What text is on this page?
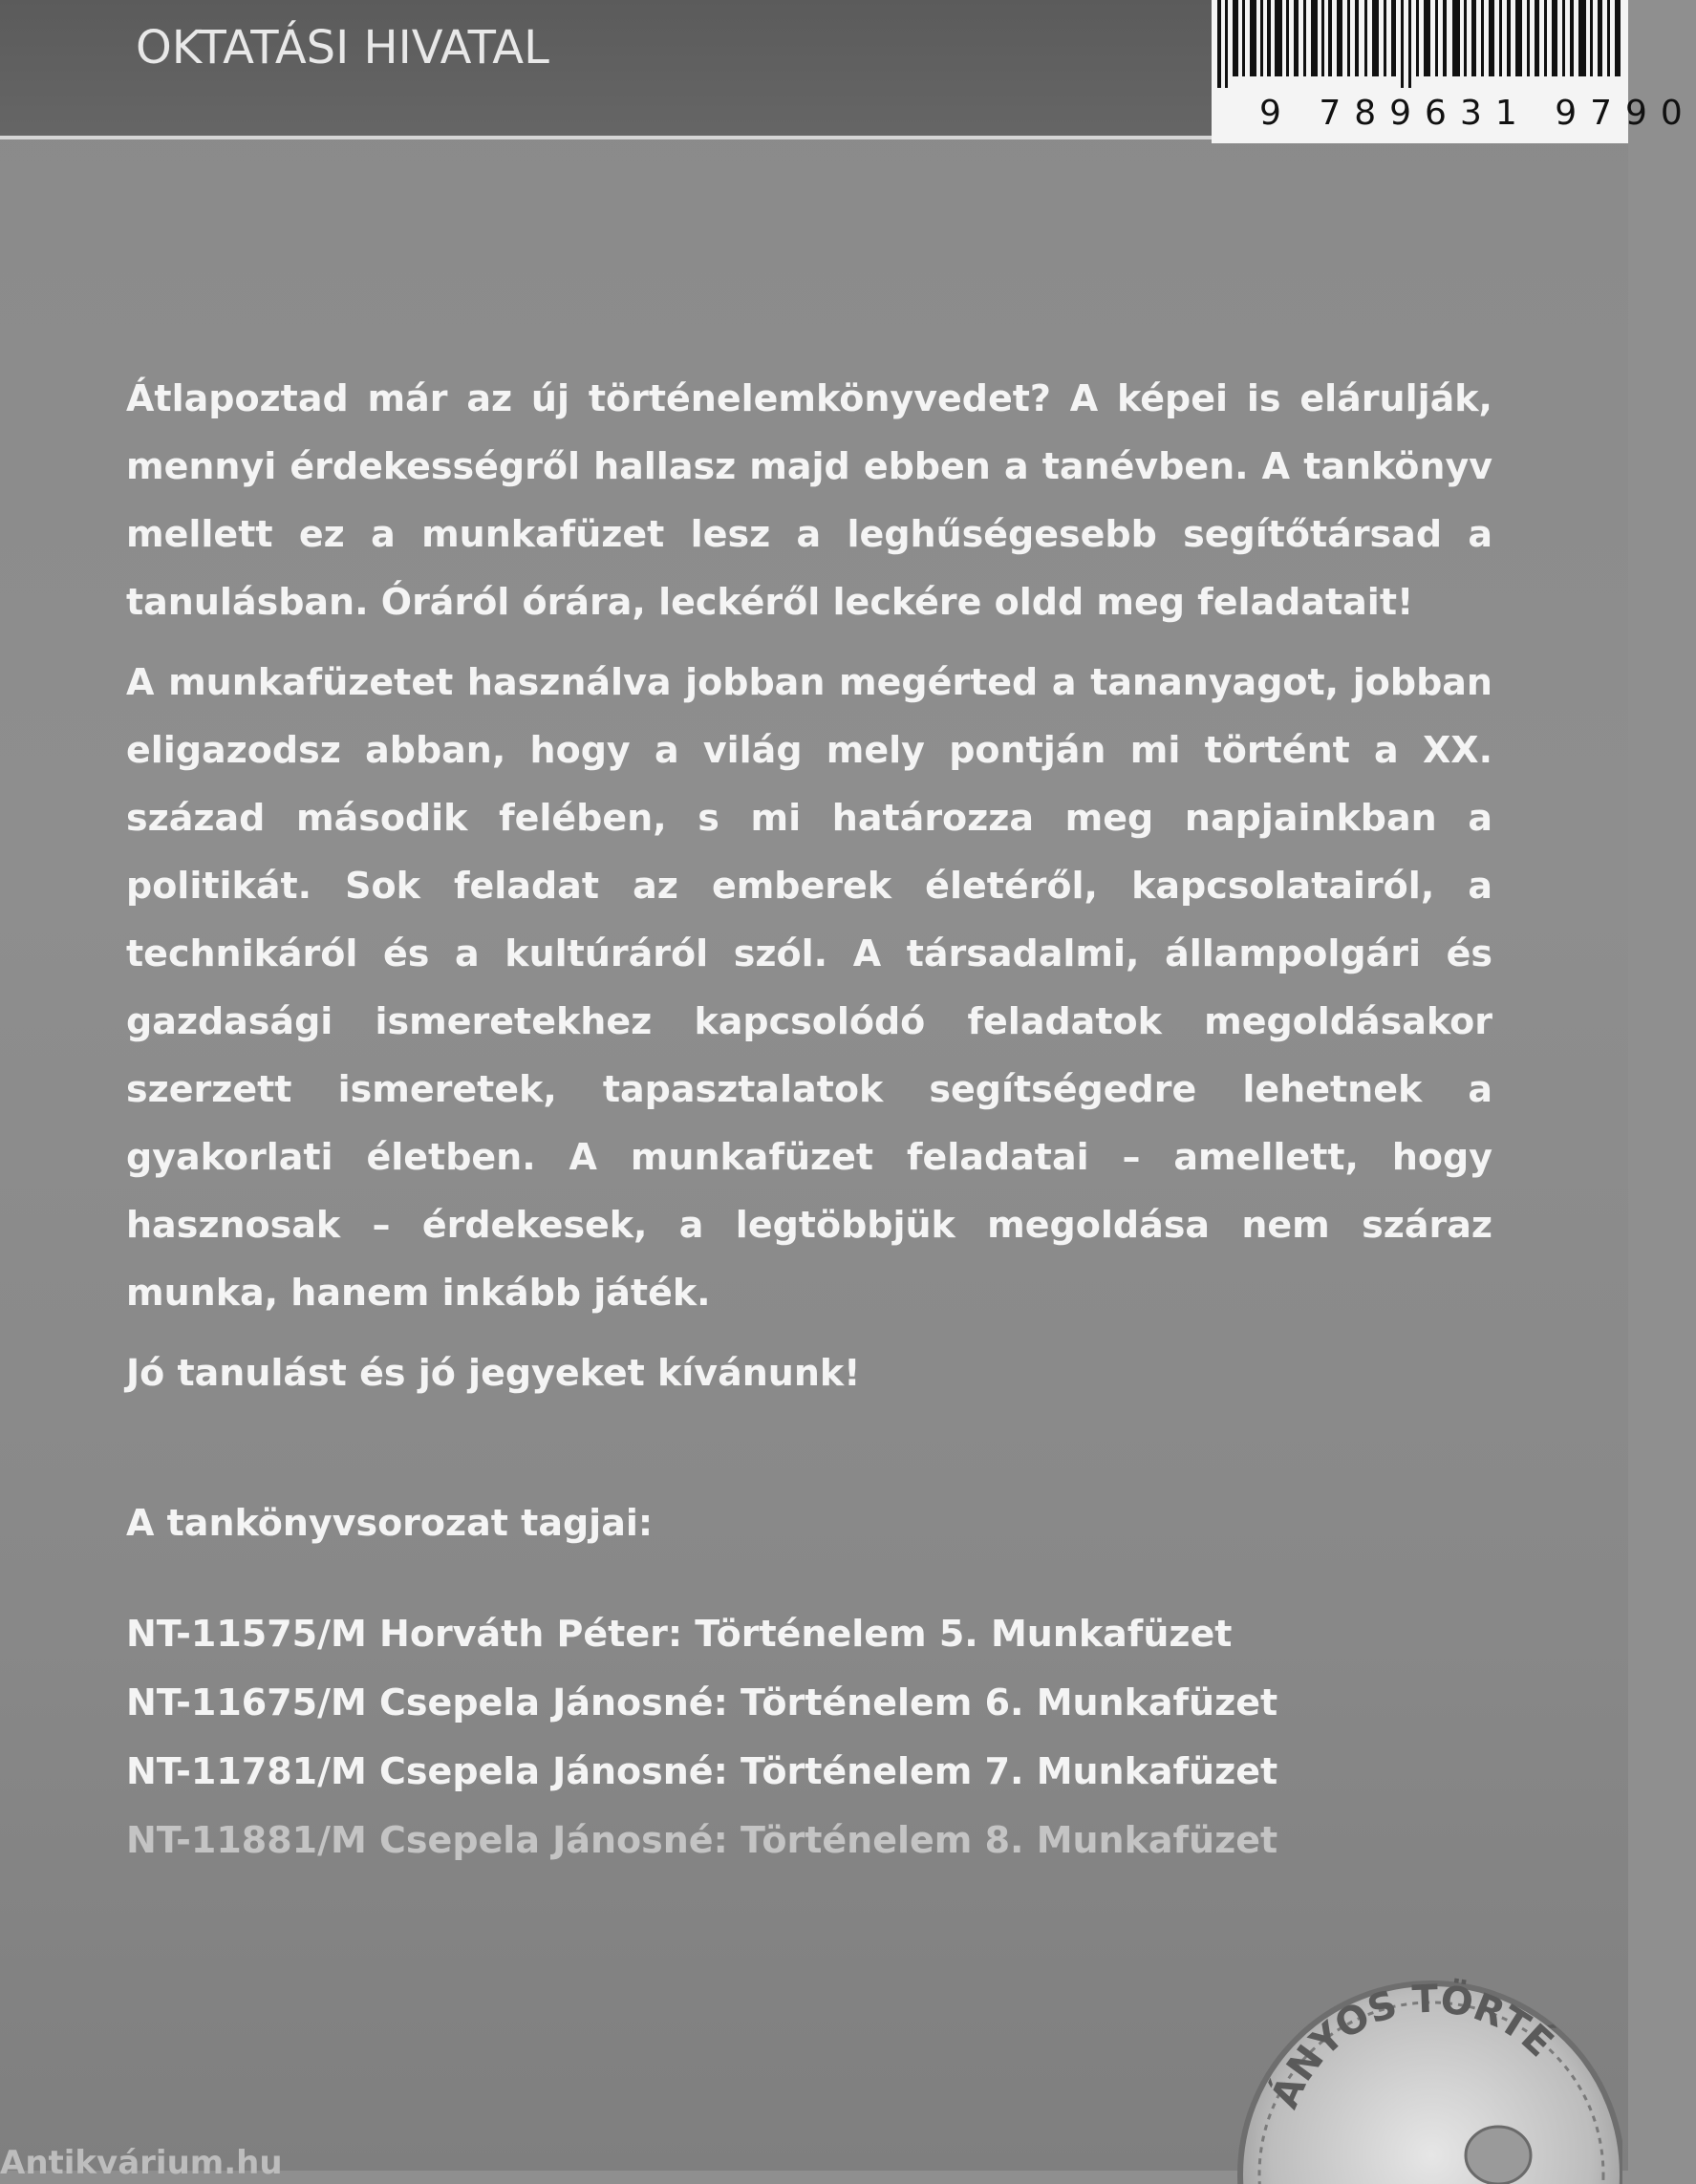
OKTATÁSI HIVATAL
9 789631 9790

Átlapoztad már az új történelemkönyvedet? A képei is elárulják, mennyi érdekességről hallasz majd ebben a tanévben. A tankönyv mellett ez a munkafüzet lesz a leghűségesebb segítőtársad a tanulásban. Óráról órára, leckéről leckére oldd meg feladatait!

A munkafüzetet használva jobban megérted a tananyagot, jobban eligazodsz abban, hogy a világ mely pontján mi történt a XX. század második felében, s mi határozza meg napjainkban a politikát. Sok feladat az emberek életéről, kapcsolatairól, a technikáról és a kultúráról szól. A társadalmi, állampolgári és gazdasági ismeretekhez kapcsolódó feladatok megoldásakor szerzett ismeretek, tapasztalatok segítségedre lehetnek a gyakorlati életben. A munkafüzet feladatai – amellett, hogy hasznosak – érdekesek, a legtöbbjük megoldása nem száraz munka, hanem inkább játék.

Jó tanulást és jó jegyeket kívánunk!

A tankönyvsorozat tagjai:
NT-11575/M Horváth Péter: Történelem 5. Munkafüzet
NT-11675/M Csepela Jánosné: Történelem 6. Munkafüzet
NT-11781/M Csepela Jánosné: Történelem 7. Munkafüzet
NT-11881/M Csepela Jánosné: Történelem 8. Munkafüzet
ÁNYOS TÖRTÉ
Antikvárium.hu
